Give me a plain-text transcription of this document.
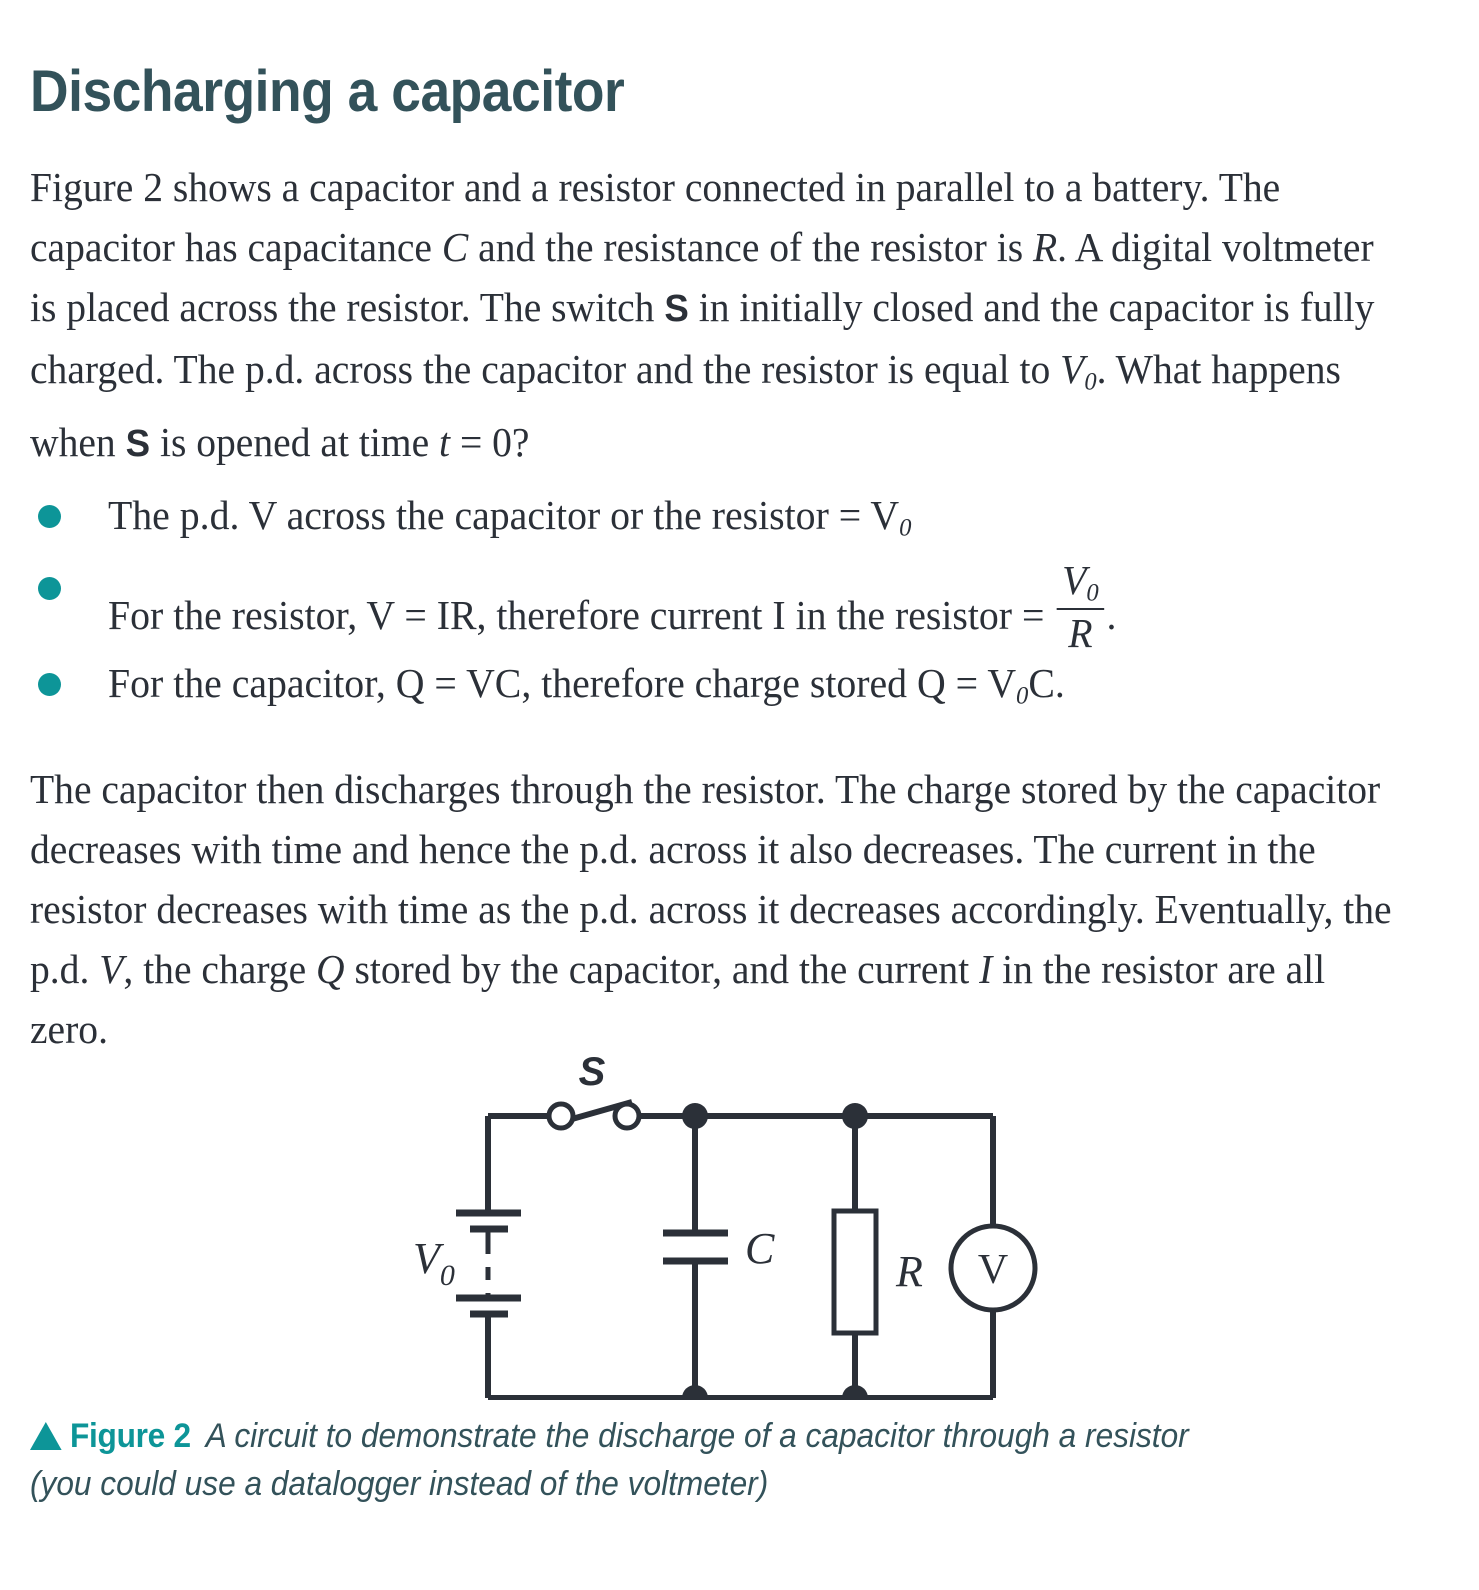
Discharging a capacitor

Figure 2 shows a capacitor and a resistor connected in parallel to a battery. The capacitor has capacitance C and the resistance of the resistor is R. A digital voltmeter is placed across the resistor. The switch S in initially closed and the capacitor is fully charged. The p.d. across the capacitor and the resistor is equal to $V_0$. What happens when S is opened at time t = 0?

The p.d. V across the capacitor or the resistor = $V_0$
For the resistor, V = IR, therefore current I in the resistor = $\frac{V_0}{R}$ .
For the capacitor, Q = VC, therefore charge stored $Q = V_0C$.

The capacitor then discharges through the resistor. The charge stored by the capacitor decreases with time and hence the p.d. across it also decreases. The current in the resistor decreases with time as the p.d. across it decreases accordingly. Eventually, the p.d. V, the charge Q stored by the capacitor, and the current I in the resistor are all zero.

S
$V_0$
C	R V
Figure 2 A circuit to demonstrate the discharge of a capacitor through a resistor
(you could use a datalogger instead of the voltmeter)
